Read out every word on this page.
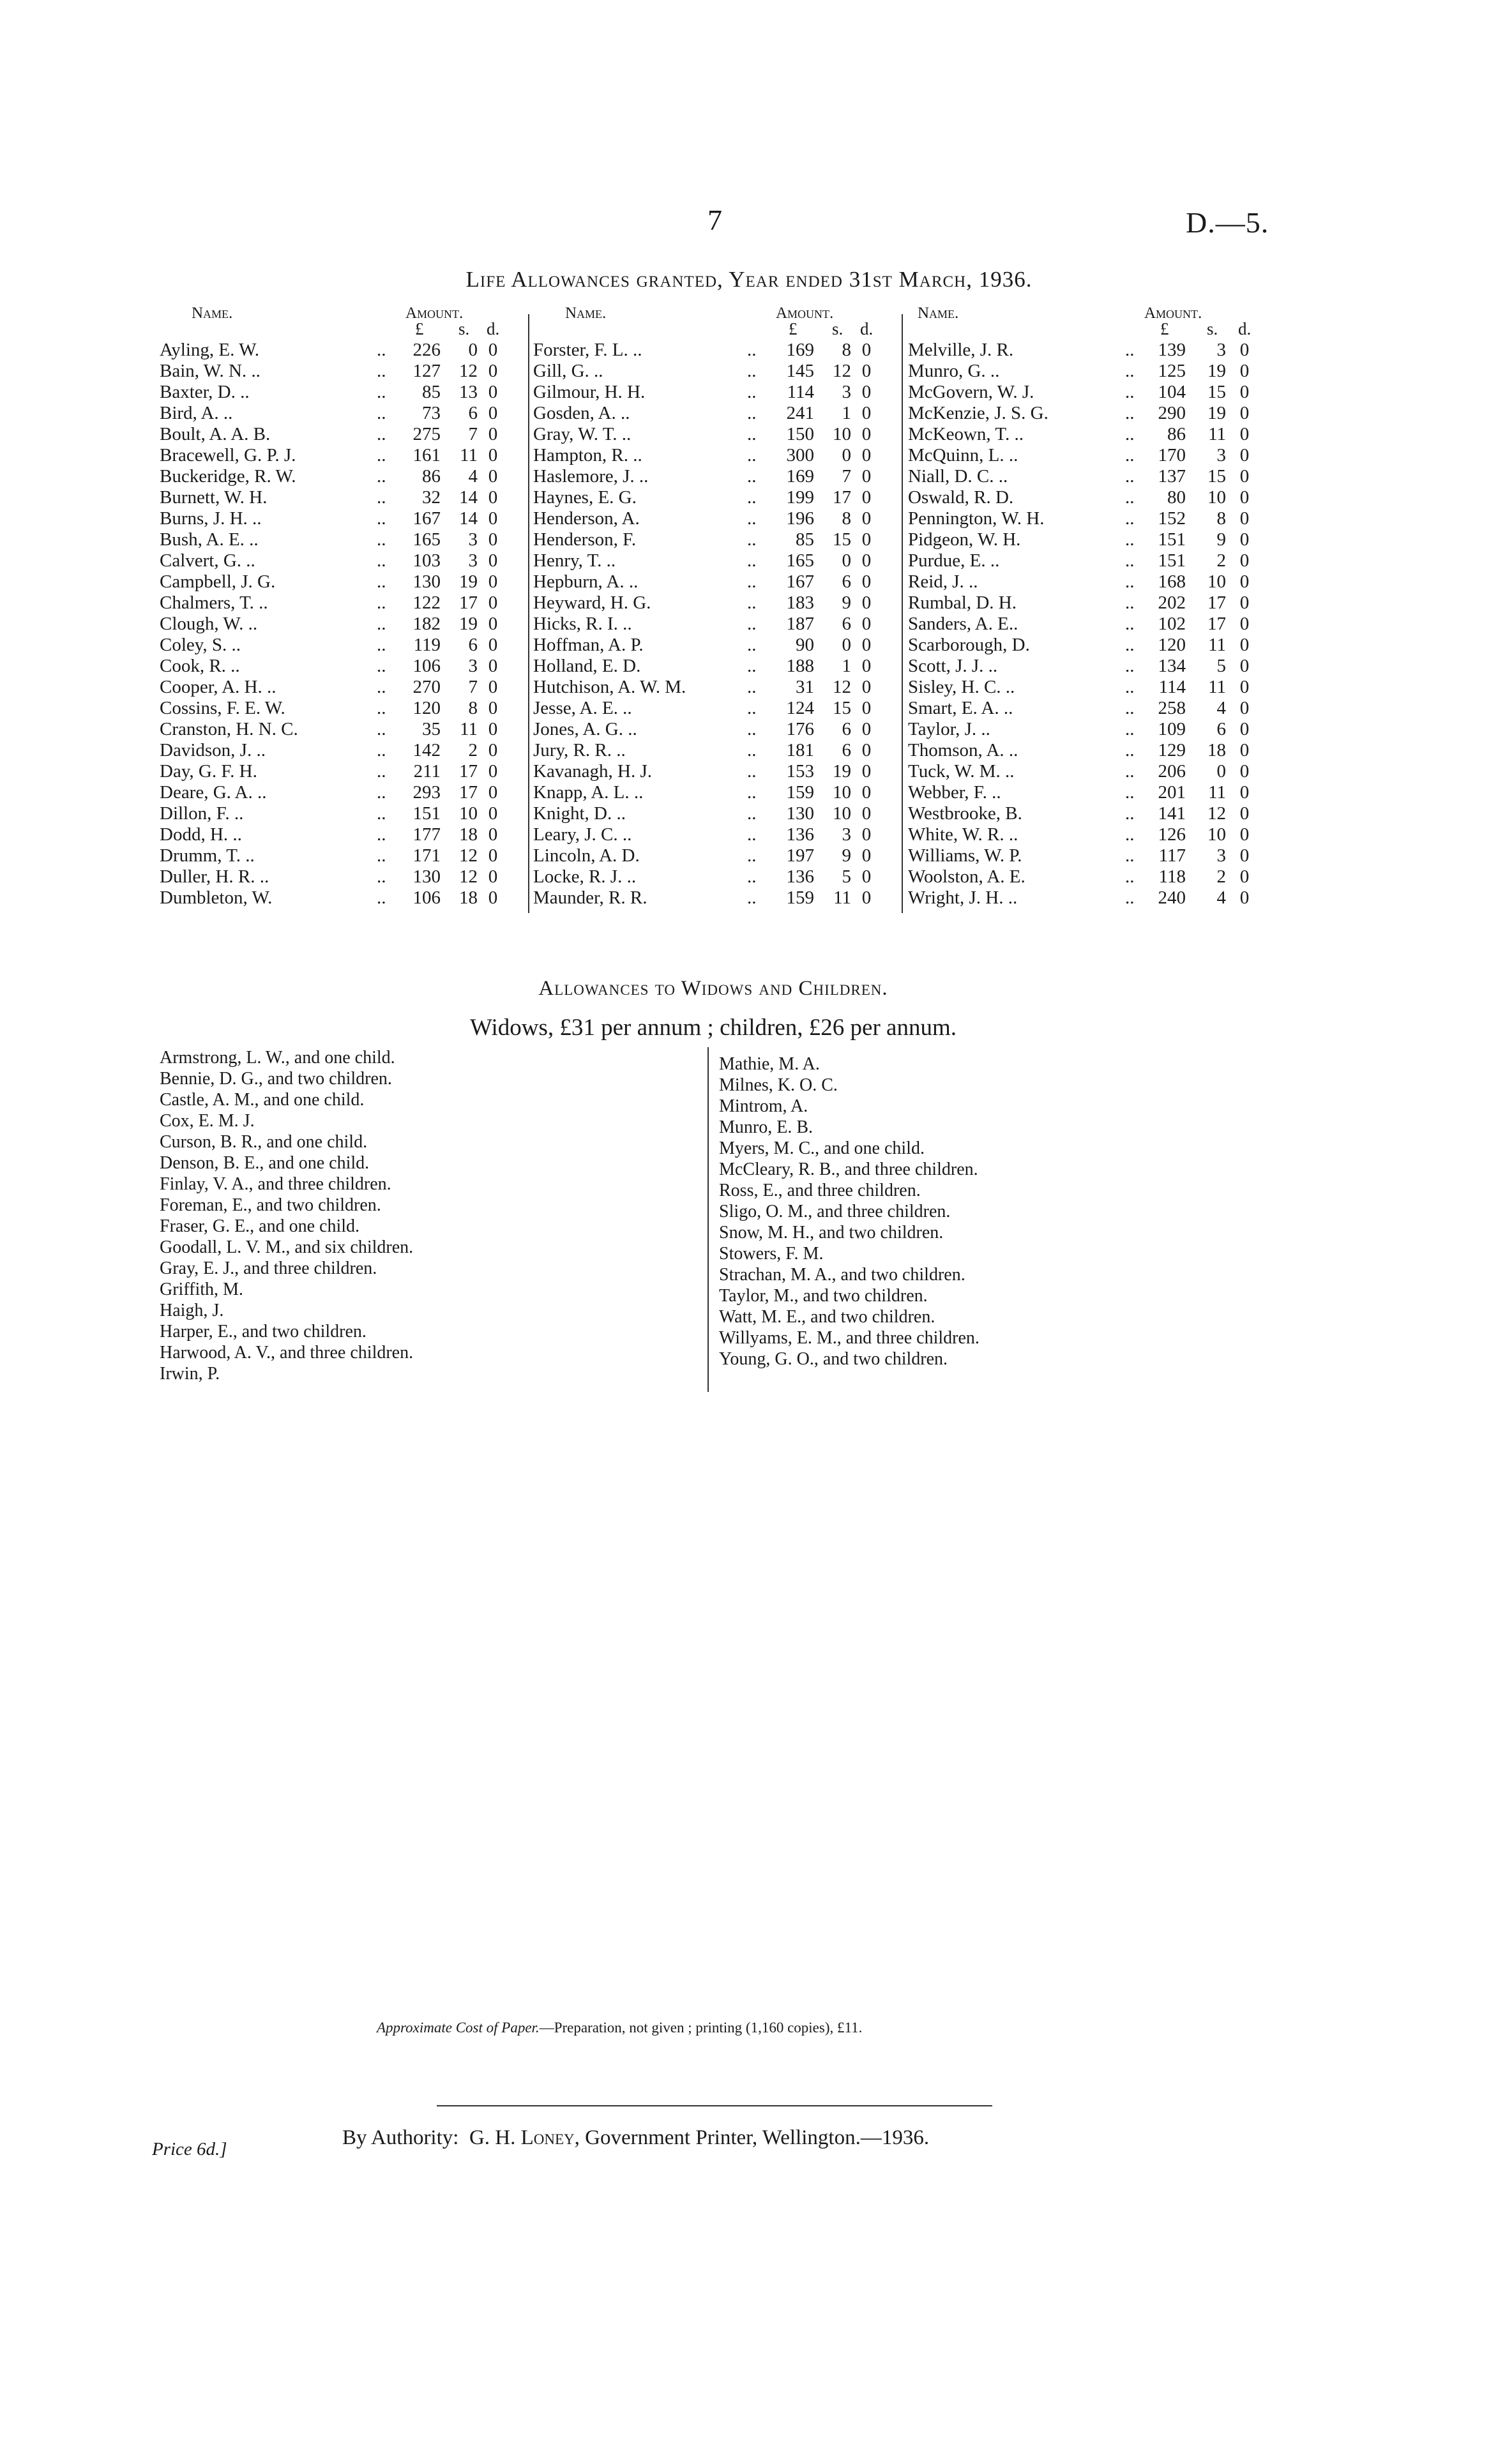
7	D.—5.
Life Allowances granted, Year ended 31st March, 1936.
Name.	Amount.
£ s. d.
Ayling, E. W.	..	226	0 0
Bain, W. N. ..	..	127	12 0
Baxter, D. ..	..	85	13 0
Bird, A. ..	..	73	6 0
Boult, A. A. B.	..	275	7 0
Bracewell, G. P. J.	..	161	11 0
Buckeridge, R. W.	..	86	4 0
Burnett, W. H.	..	32	14 0
Burns, J. H. ..	..	167	14 0
Bush, A. E. ..	..	165	3 0
Calvert, G. ..	..	103	3 0
Campbell, J. G.	..	130	19 0
Chalmers, T. ..	..	122	17 0
Clough, W. ..	..	182	19 0
Coley, S. ..	..	119	6 0
Cook, R. ..	..	106	3 0
Cooper, A. H. ..	..	270	7 0
Cossins, F. E. W.	..	120	8 0
Cranston, H. N. C.	..	35	11 0
Davidson, J. ..	..	142	2 0
Day, G. F. H.	..	211	17 0
Deare, G. A. ..	..	293	17 0
Dillon, F. ..	..	151	10 0
Dodd, H. ..	..	177	18 0
Drumm, T. ..	..	171	12 0
Duller, H. R. ..	..	130	12 0
Dumbleton, W.	..	106	18 0
Name.	Amount.
£ s. d.
Forster, F. L. ..	..	169	8 0
Gill, G. ..	..	145	12 0
Gilmour, H. H.	..	114	3 0
Gosden, A. ..	..	241	1 0
Gray, W. T. ..	..	150	10 0
Hampton, R. ..	..	300	0 0
Haslemore, J. ..	..	169	7 0
Haynes, E. G.	..	199	17 0
Henderson, A.	..	196	8 0
Henderson, F.	..	85	15 0
Henry, T. ..	..	165	0 0
Hepburn, A. ..	..	167	6 0
Heyward, H. G.	..	183	9 0
Hicks, R. I. ..	..	187	6 0
Hoffman, A. P.	..	90	0 0
Holland, E. D.	..	188	1 0
Hutchison, A. W. M.	..	31	12 0
Jesse, A. E. ..	..	124	15 0
Jones, A. G. ..	..	176	6 0
Jury, R. R. ..	..	181	6 0
Kavanagh, H. J.	..	153	19 0
Knapp, A. L. ..	..	159	10 0
Knight, D. ..	..	130	10 0
Leary, J. C. ..	..	136	3 0
Lincoln, A. D.	..	197	9 0
Locke, R. J. ..	..	136	5 0
Maunder, R. R.	..	159	11 0
Name.	Amount.
£ s. d.
Melville, J. R.	..	139	3 0
Munro, G. ..	..	125	19 0
McGovern, W. J.	..	104	15 0
McKenzie, J. S. G.	..	290	19 0
McKeown, T. ..	..	86	11 0
McQuinn, L. ..	..	170	3 0
Niall, D. C. ..	..	137	15 0
Oswald, R. D.	..	80	10 0
Pennington, W. H.	..	152	8 0
Pidgeon, W. H.	..	151	9 0
Purdue, E. ..	..	151	2 0
Reid, J. ..	..	168	10 0
Rumbal, D. H.	..	202	17 0
Sanders, A. E..	..	102	17 0
Scarborough, D.	..	120	11 0
Scott, J. J. ..	..	134	5 0
Sisley, H. C. ..	..	114	11 0
Smart, E. A. ..	..	258	4 0
Taylor, J. ..	..	109	6 0
Thomson, A. ..	..	129	18 0
Tuck, W. M. ..	..	206	0 0
Webber, F. ..	..	201	11 0
Westbrooke, B.	..	141	12 0
White, W. R. ..	..	126	10 0
Williams, W. P.	..	117	3 0
Woolston, A. E.	..	118	2 0
Wright, J. H. ..	..	240	4 0
Allowances to Widows and Children.
Widows, £31 per annum ; children, £26 per annum.
Armstrong, L. W., and one child.
Bennie, D. G., and two children.
Castle, A. M., and one child.
Cox, E. M. J.
Curson, B. R., and one child.
Denson, B. E., and one child.
Finlay, V. A., and three children.
Foreman, E., and two children.
Fraser, G. E., and one child.
Goodall, L. V. M., and six children.
Gray, E. J., and three children.
Griffith, M.
Haigh, J.
Harper, E., and two children.
Harwood, A. V., and three children.
Irwin, P.
Mathie, M. A.
Milnes, K. O. C.
Mintrom, A.
Munro, E. B.
Myers, M. C., and one child.
McCleary, R. B., and three children.
Ross, E., and three children.
Sligo, O. M., and three children.
Snow, M. H., and two children.
Stowers, F. M.
Strachan, M. A., and two children.
Taylor, M., and two children.
Watt, M. E., and two children.
Willyams, E. M., and three children.
Young, G. O., and two children.
Approximate Cost of Paper.—Preparation, not given ; printing (1,160 copies), £11.
By Authority: G. H. Loney, Government Printer, Wellington.—1936.
Price 6d.]
